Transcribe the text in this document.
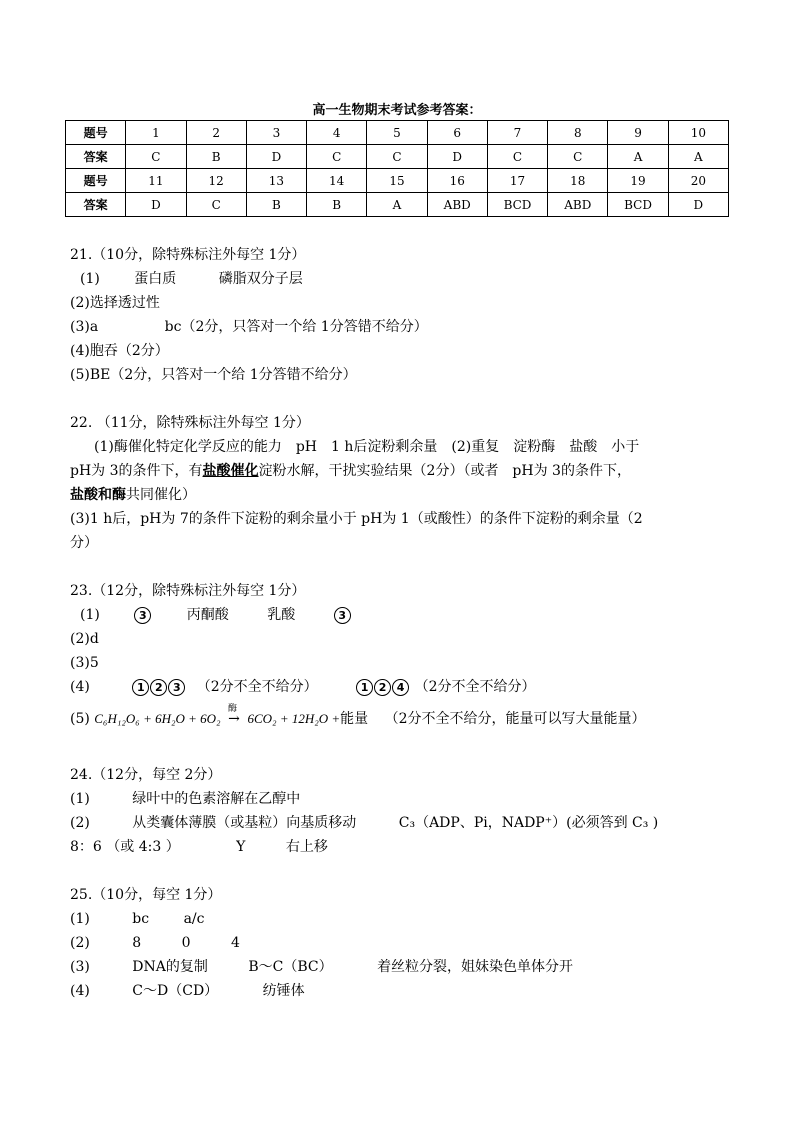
高一生物期末考试参考答案：
题号	1	2	3	4	5	6	7	8	9	10
答案	C	B	D	C	C	D	C	C	A	A
题号	11	12	13	14	15	16	17	18	19	20
答案	D	C	B	B	A	ABD	BCD	ABD	BCD	D
21.（10分，除特殊标注外每空 1分）
(1) 蛋白质	磷脂双分子层
(2)选择透过性
(3)a	bc（2分，只答对一个给 1分答错不给分）
(4)胞吞（2分）
(5)BE（2分，只答对一个给 1分答错不给分）
22. （11分，除特殊标注外每空 1分）
(1)酶催化特定化学反应的能力　pH　1 h后淀粉剩余量　(2)重复　淀粉酶　盐酸　小于
pH为 3的条件下，有盐酸催化淀粉水解，干扰实验结果（2分）（或者　pH为 3的条件下，
盐酸和酶共同催化）
(3)1 h后，pH为 7的条件下淀粉的剩余量小于 pH为 1（或酸性）的条件下淀粉的剩余量（2
分）
23.（12分，除特殊标注外每空 1分）
(1)	3	丙酮酸	乳酸	3
(2)d
(3)5
(4)	1 2 3 （2分不全不给分）	1 2 4 （2分不全不给分）
(5) C₆H₁₂O₆ + 6H₂O + 6O₂
酶
→ 6CO₂ + 12H₂O +能量 （2分不全不给分，能量可以写大量能量）
24.（12分，每空 2分）
(1)	绿叶中的色素溶解在乙醇中
(2)	从类囊体薄膜（或基粒）向基质移动	C₃（ADP、Pi，NADP⁺）(必须答到 C₃ )
8：6 （或 4:3 ）	Y	右上移
25.（10分，每空 1分）
(1)	bc a/c
(2)	8	0	4
(3)	DNA的复制	B～C（BC）	着丝粒分裂，姐妹染色单体分开
(4)	C～D（CD）	纺锤体
